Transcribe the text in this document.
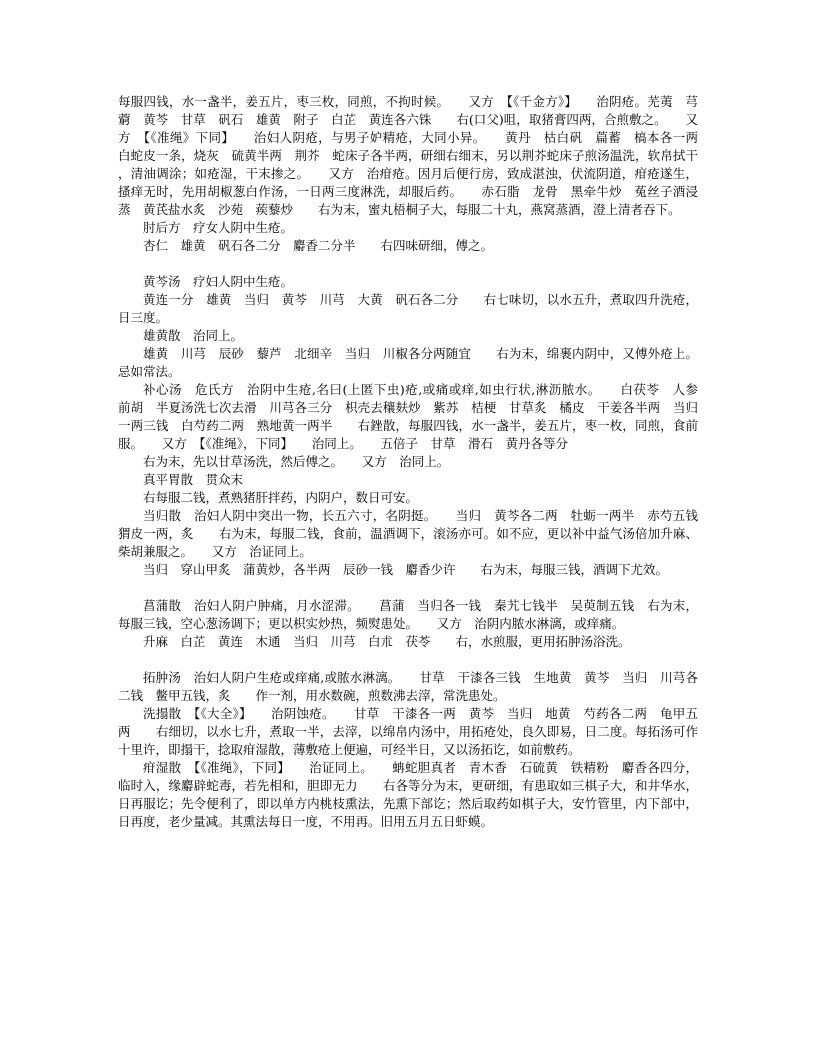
每服四钱，水一盏半，姜五片，枣三枚，同煎，不拘时候。　　又方　【《千金方》】　　治阴疮。芜荑　芎藭　黄芩　甘草　矾石　雄黄　附子　白芷　黄连各六铢　　右(口父)咀，取猪膏四两，合煎敷之。　　又方　【《准绳》下同】　　治妇人阴疮，与男子妒精疮，大同小异。　　黄丹　枯白矾　萹蓄　槁本各一两　白蛇皮一条，烧灰　硫黄半两　荆芥　蛇床子各半两，研细右细末，另以荆芥蛇床子煎汤温洗，软帛拭干，清油调涂；如疮湿，干末掺之。　　又方　治疳疮。因月后便行房，致成湛浊，伏流阴道，疳疮遂生，搔痒无时，先用胡椒葱白作汤，一日两三度淋洗，却服后药。　　赤石脂　龙骨　黑牵牛炒　菟丝子酒浸蒸　黄芪盐水炙　沙苑　蒺藜炒　　右为末，蜜丸梧桐子大，每服二十丸，燕窝蒸酒，澄上清者吞下。

肘后方　疗女人阴中生疮。

杏仁　雄黄　矾石各二分　麝香二分半　　右四味研细，傅之。

黄芩汤　疗妇人阴中生疮。

黄连一分　雄黄　当归　黄芩　川芎　大黄　矾石各二分　　右七味切，以水五升，煮取四升洗疮，日三度。

雄黄散　治同上。

雄黄　川芎　辰砂　藜芦　北细辛　当归　川椒各分两随宜　　右为末，绵裹内阴中，又傅外疮上。忌如常法。

补心汤　危氏方　治阴中生疮,名曰(上匿下虫)疮,或痛或痒,如虫行状,淋沥脓水。　　白茯苓　人参　前胡　半夏汤洗七次去滑　川芎各三分　枳壳去穰麸炒　紫苏　桔梗　甘草炙　橘皮　干姜各半两　当归一两三钱　白芍药二两　熟地黄一两半　　右銼散，每服四钱，水一盏半，姜五片，枣一枚，同煎，食前服。　　又方　【《准绳》，下同】　　治同上。　　五倍子　甘草　滑石　黄丹各等分

右为末，先以甘草汤洗，然后傅之。　　又方　治同上。

真平胃散　贯众末

右每服二钱，煮熟猪肝拌药，内阴户，数日可安。

当归散　治妇人阴中突出一物，长五六寸，名阴挺。　　当归　黄芩各二两　牡蛎一两半　赤芍五钱　猬皮一两，炙　　右为末，每服二钱，食前，温酒调下，滚汤亦可。如不应，更以补中益气汤倍加升麻、柴胡兼服之。　　又方　治证同上。

当归　穿山甲炙　蒲黄炒，各半两　辰砂一钱　麝香少许　　右为末，每服三钱，酒调下尤效。

菖蒲散　治妇人阴户肿痛，月水涩滞。　　菖蒲　当归各一钱　秦艽七钱半　吴萸制五钱　右为末，每服三钱，空心葱汤调下；更以枳实炒热，频熨患处。　　又方　治阴内脓水淋漓，或痒痛。

升麻　白芷　黄连　木通　当归　川芎　白朮　茯苓　　右，水煎服，更用拓肿汤浴洗。

拓肿汤　治妇人阴户生疮或痒痛,或脓水淋漓。　　甘草　干漆各三钱　生地黄　黄芩　当归　川芎各二钱　鳖甲五钱，炙　　作一剂，用水数碗，煎数沸去滓，常洗患处。

洗搨散　【《大全》】　　治阴蚀疮。　　甘草　干漆各一两　黄芩　当归　地黄　芍药各二两　龟甲五两　　右细切，以水七升，煮取一半，去滓，以绵帛内汤中，用拓疮处，良久即易，日二度。每拓汤可作十里许，即搨干，捻取疳湿散，薄敷疮上便遍，可经半日，又以汤拓讫，如前敷药。

疳湿散　【《准绳》，下同】　　治证同上。　　蚺蛇胆真者　青木香　石硫黄　铁精粉　麝香各四分，临时入，缘麝辟蛇毒，若先相和，胆即无力　　右各等分为末，更研细，有患取如三棋子大，和井华水，日再服讫；先令便利了，即以单方内桃枝熏法，先熏下部讫；然后取药如棋子大，安竹管里，内下部中，日再度，老少量减。其熏法每日一度，不用再。旧用五月五日虾蟆。
